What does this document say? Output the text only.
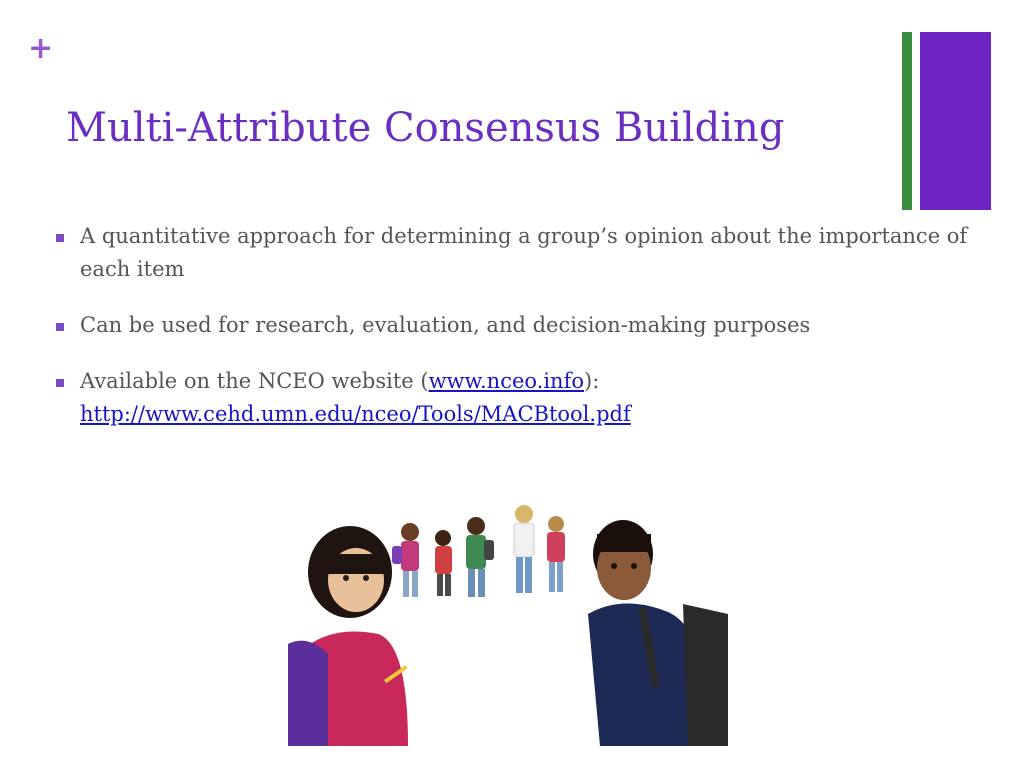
+
Multi-Attribute Consensus Building
A quantitative approach for determining a group’s opinion about the importance of each item
Can be used for research, evaluation, and decision-making purposes
Available on the NCEO website (www.nceo.info):
http://www.cehd.umn.edu/nceo/Tools/MACBtool.pdf
